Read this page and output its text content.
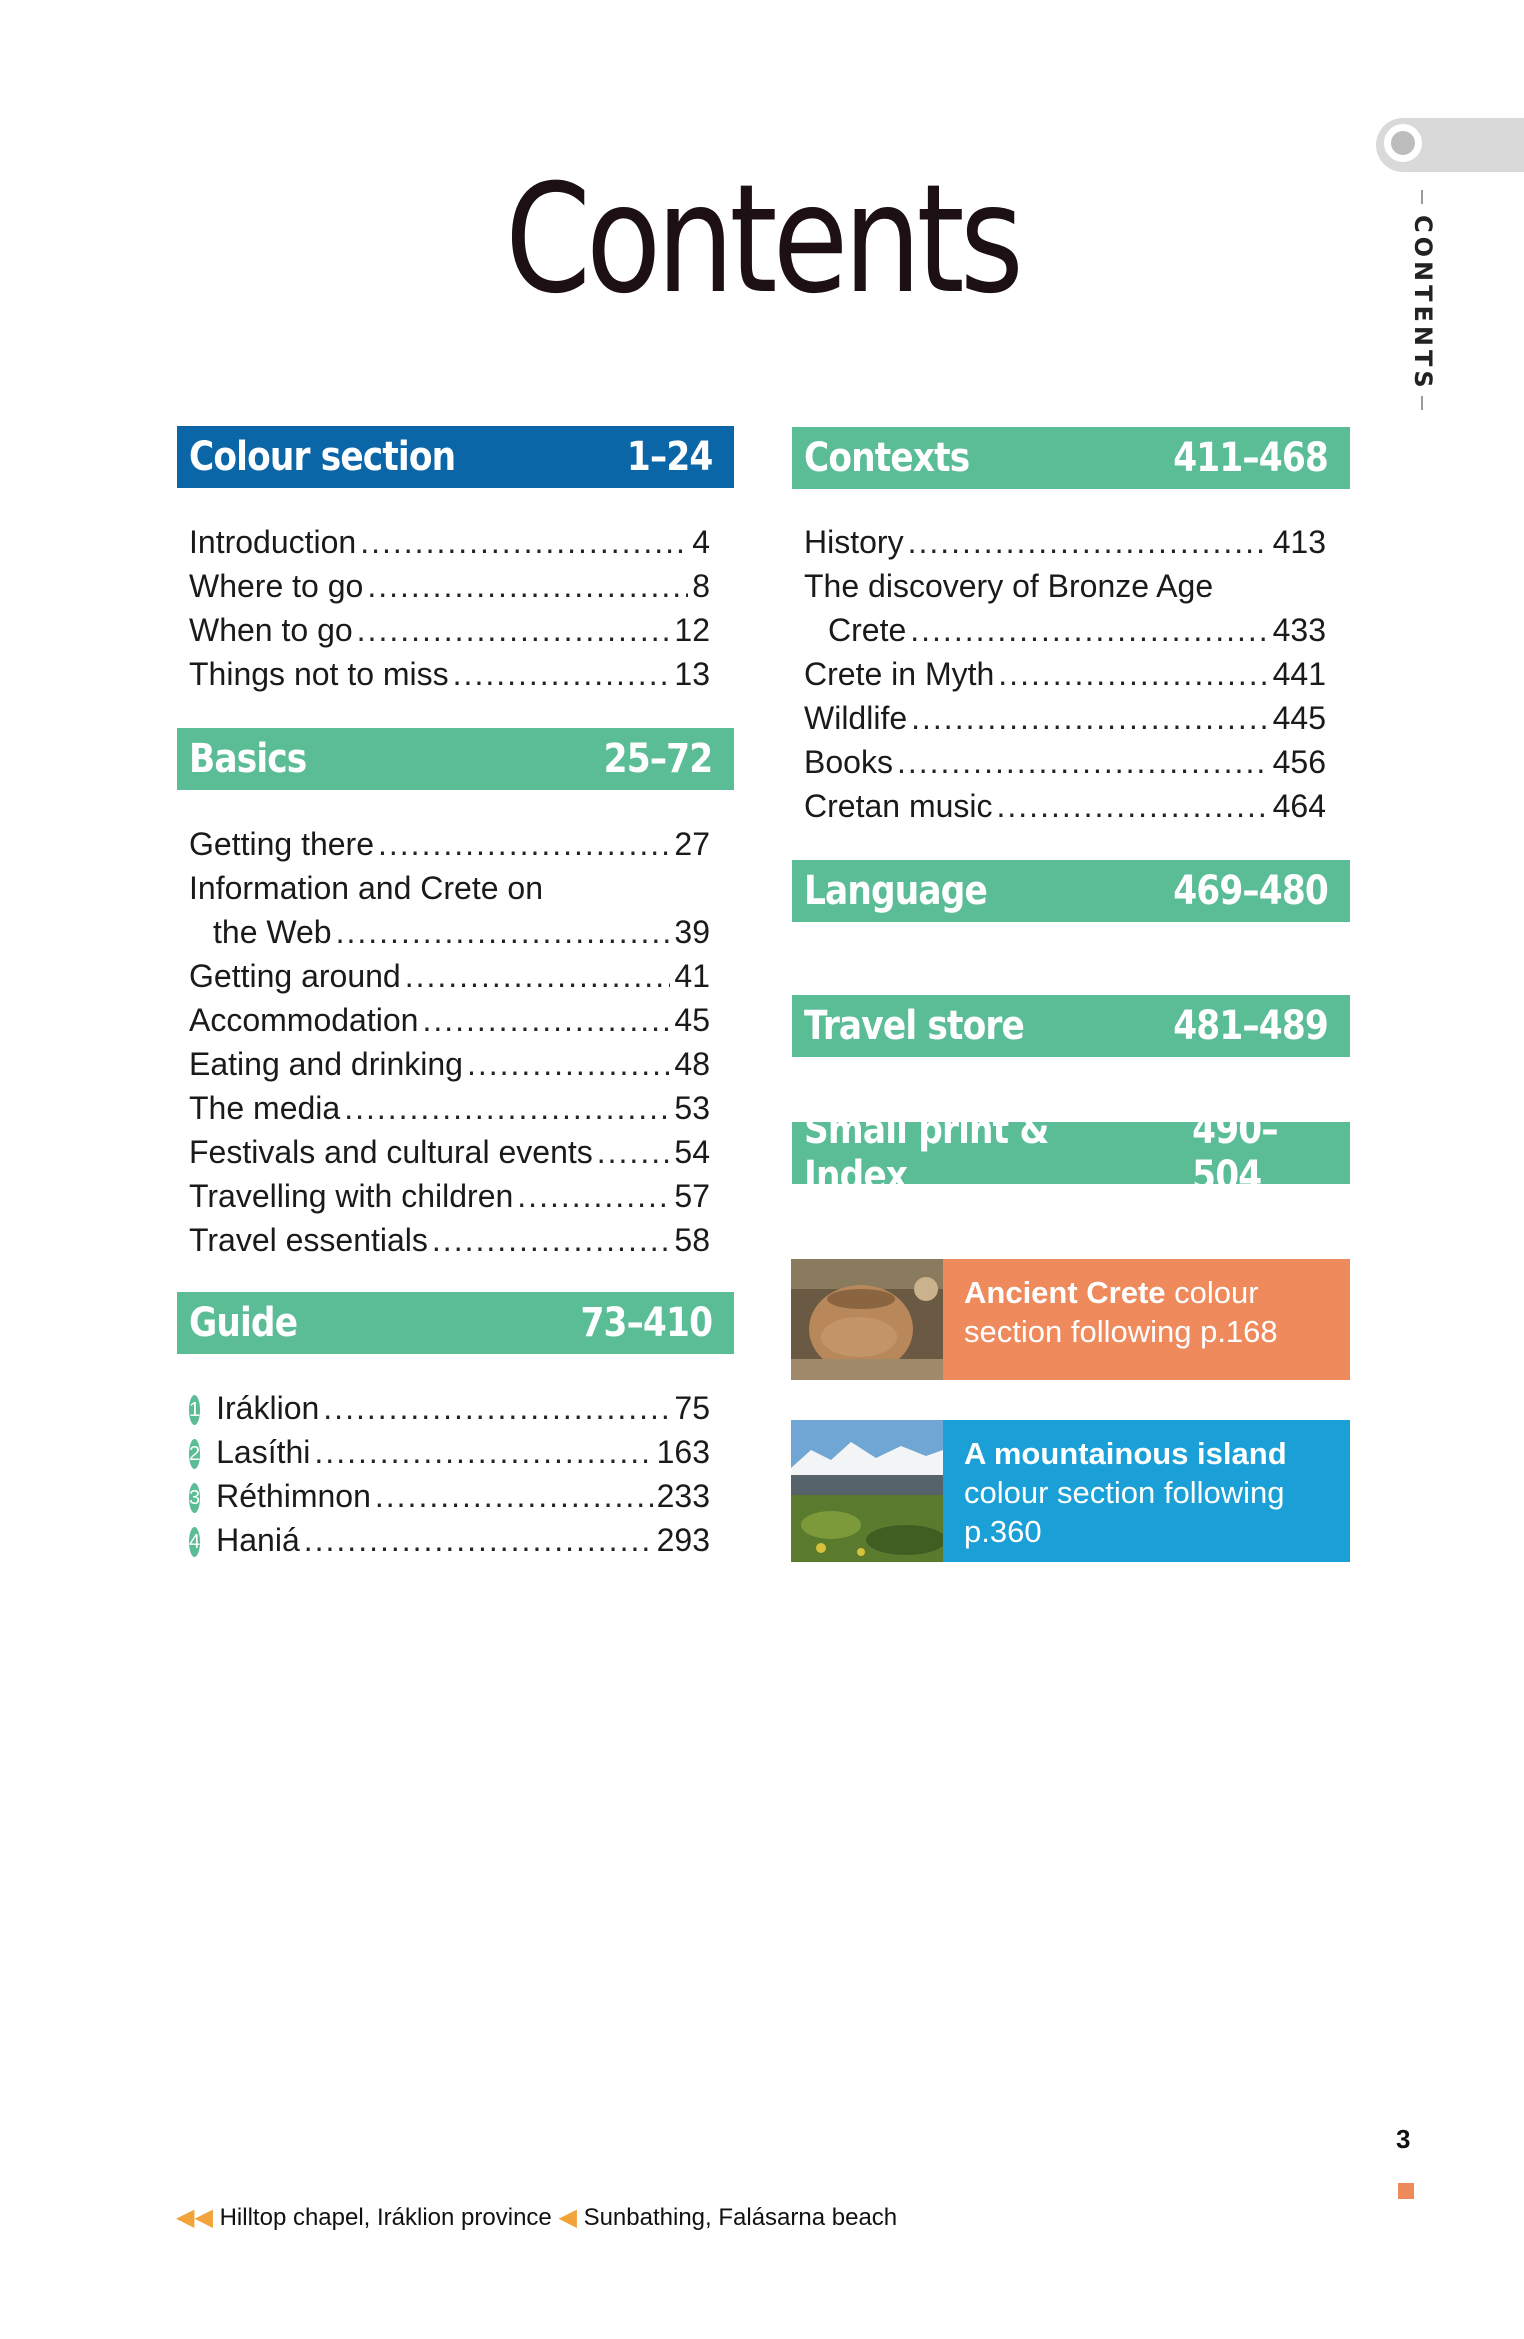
CONTENTS
Contents
Colour section	1–24
Introduction .....	4
Where to go .....	8
When to go .....	12
Things not to miss .....	13
Basics	25–72
Getting there .....	27
Information and Crete on
the Web .....	39
Getting around .....	41
Accommodation .....	45
Eating and drinking .....	48
The media .....	53
Festivals and cultural events .....	54
Travelling with children .....	57
Travel essentials .....	58
Guide	73–410
1 Iráklion .....	75
2 Lasíthi .....	163
3 Réthimnon .....	233
4 Haniá .....	293
Contexts	411–468
History .....	413
The discovery of Bronze Age
Crete .....	433
Crete in Myth .....	441
Wildlife .....	445
Books .....	456
Cretan music .....	464
Language	469–480
Travel store	481–489
Small print & Index
490–504
Ancient Crete colour section following p.168
A mountainous island colour section following p.360
3
◀◀ Hilltop chapel, Iráklion province ◀ Sunbathing, Falásarna beach
